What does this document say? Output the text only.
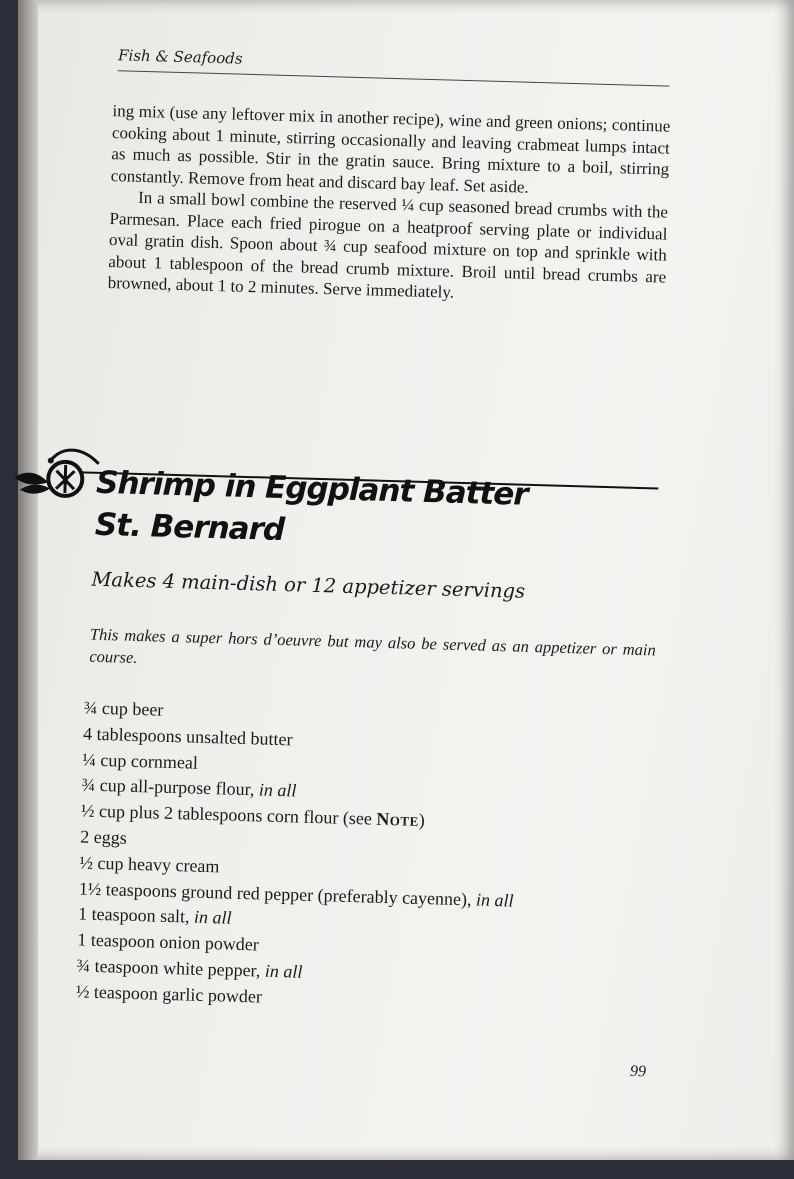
Fish & Seafoods

ing mix (use any leftover mix in another recipe), wine and green onions; continue cooking about 1 minute, stirring occasionally and leaving crabmeat lumps intact as much as possible. Stir in the gratin sauce. Bring mixture to a boil, stirring constantly. Remove from heat and discard bay leaf. Set aside.

In a small bowl combine the reserved ¼ cup seasoned bread crumbs with the Parmesan. Place each fried pirogue on a heatproof serving plate or individual oval gratin dish. Spoon about ¾ cup seafood mixture on top and sprinkle with about 1 tablespoon of the bread crumb mixture. Broil until bread crumbs are browned, about 1 to 2 minutes. Serve immediately.

Shrimp in Eggplant Batter
St. Bernard
Makes 4 main-dish or 12 appetizer servings
This makes a super hors d’oeuvre but may also be served as an appetizer or main course.
¾ cup beer
4 tablespoons unsalted butter
¼ cup cornmeal
¾ cup all-purpose flour, in all
½ cup plus 2 tablespoons corn flour (see Note)
2 eggs
½ cup heavy cream
1½ teaspoons ground red pepper (preferably cayenne), in all
1 teaspoon salt, in all
1 teaspoon onion powder
¾ teaspoon white pepper, in all
½ teaspoon garlic powder
99
